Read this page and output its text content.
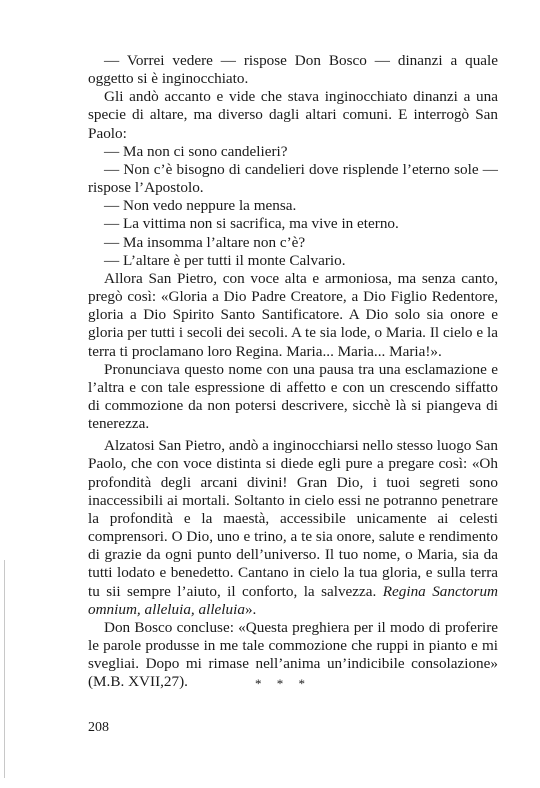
— Vorrei vedere — rispose Don Bosco — dinanzi a quale oggetto si è inginocchiato.

Gli andò accanto e vide che stava inginocchiato dinanzi a una specie di altare, ma diverso dagli altari comuni. E interrogò San Paolo:

— Ma non ci sono candelieri?

— Non c’è bisogno di candelieri dove risplende l’eterno sole — rispose l’Apostolo.

— Non vedo neppure la mensa.

— La vittima non si sacrifica, ma vive in eterno.

— Ma insomma l’altare non c’è?

— L’altare è per tutti il monte Calvario.

Allora San Pietro, con voce alta e armoniosa, ma senza canto, pregò così: «Gloria a Dio Padre Creatore, a Dio Figlio Redentore, gloria a Dio Spirito Santo Santificatore. A Dio solo sia onore e gloria per tutti i secoli dei secoli. A te sia lode, o Maria. Il cielo e la terra ti proclamano loro Regina. Maria... Maria... Maria!».

Pronunciava questo nome con una pausa tra una esclamazione e l’altra e con tale espressione di affetto e con un crescendo siffatto di commozione da non potersi descrivere, sicchè là si piangeva di tenerezza.

Alzatosi San Pietro, andò a inginocchiarsi nello stesso luogo San Paolo, che con voce distinta si diede egli pure a pregare così: «Oh profondità degli arcani divini! Gran Dio, i tuoi segreti sono inaccessibili ai mortali. Soltanto in cielo essi ne potranno penetrare la profondità e la maestà, accessibile unicamente ai celesti comprensori. O Dio, uno e trino, a te sia onore, salute e rendimento di grazie da ogni punto dell’universo. Il tuo nome, o Maria, sia da tutti lodato e benedetto. Cantano in cielo la tua gloria, e sulla terra tu sii sempre l’aiuto, il conforto, la salvezza. Regina Sanctorum omnium, alleluia, alleluia».

Don Bosco concluse: «Questa preghiera per il modo di proferire le parole produsse in me tale commozione che ruppi in pianto e mi svegliai. Dopo mi rimase nell’anima un’indicibile consolazione» (M.B. XVII,27).	* * *
208
